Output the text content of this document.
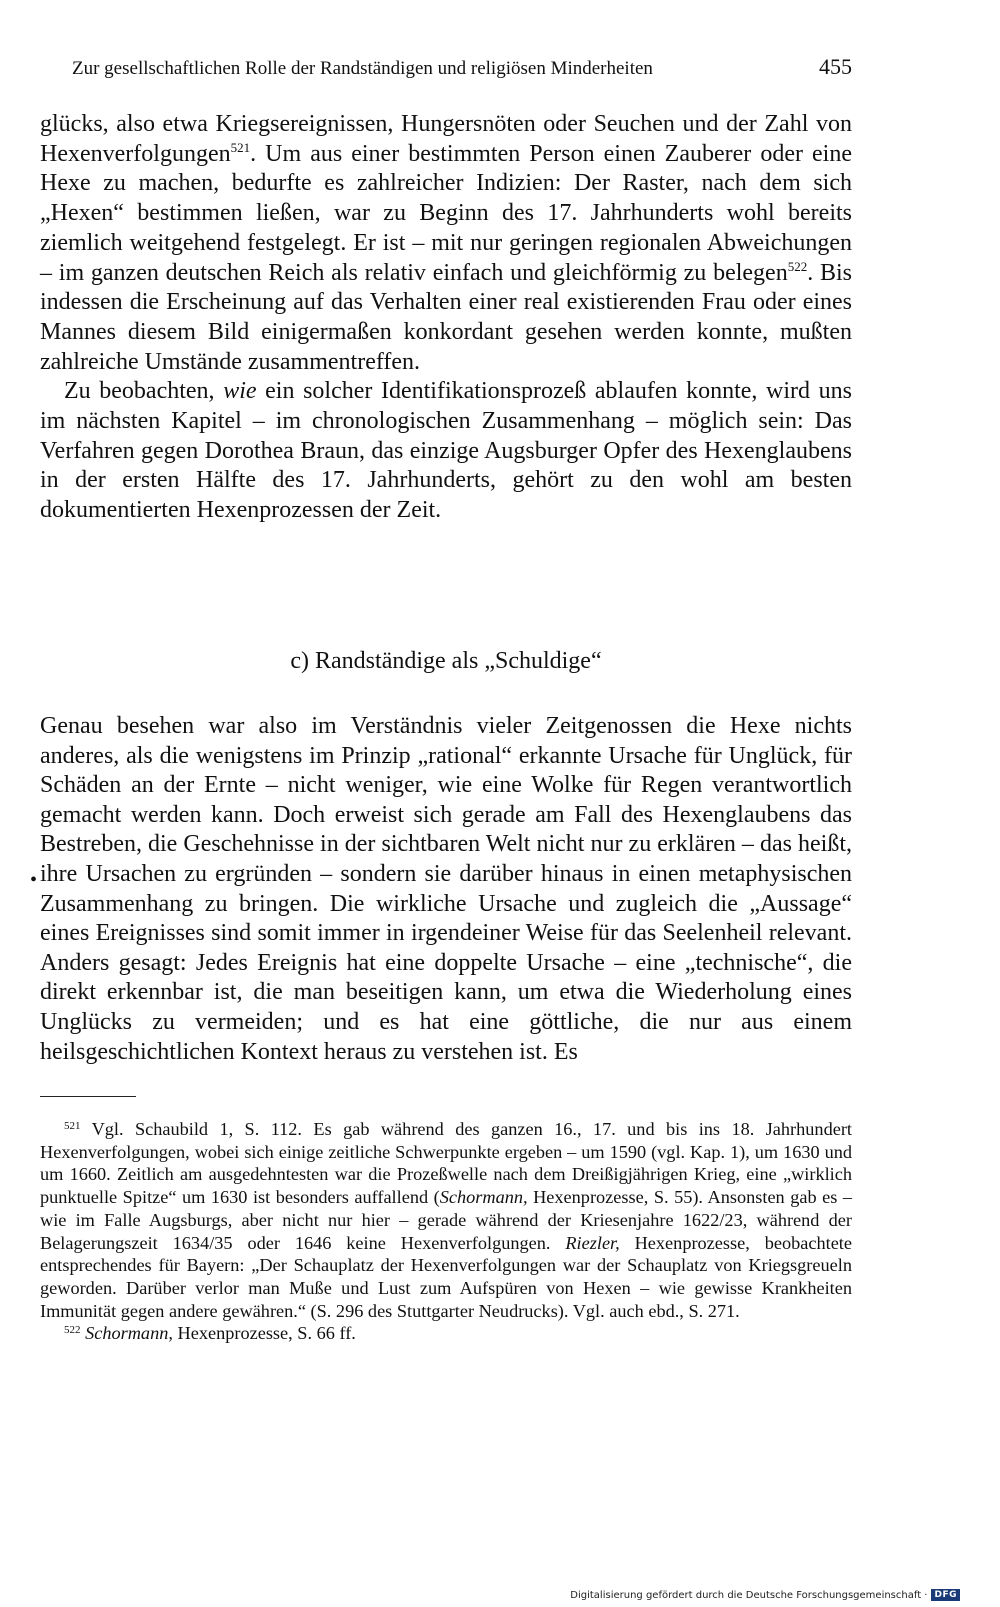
Zur gesellschaftlichen Rolle der Randständigen und religiösen Minderheiten	455

glücks, also etwa Kriegsereignissen, Hungersnöten oder Seuchen und der Zahl von Hexenverfolgungen$^{521}$. Um aus einer bestimmten Person einen Zauberer oder eine Hexe zu machen, bedurfte es zahlreicher Indizien: Der Raster, nach dem sich „Hexen“ bestimmen ließen, war zu Beginn des 17. Jahrhunderts wohl bereits ziemlich weitgehend festgelegt. Er ist – mit nur geringen regionalen Abweichungen – im ganzen deutschen Reich als relativ einfach und gleichförmig zu belegen$^{522}$. Bis indessen die Erscheinung auf das Verhalten einer real existierenden Frau oder eines Mannes diesem Bild einigermaßen konkordant gesehen werden konnte, mußten zahlreiche Umstände zusammentreffen.

Zu beobachten, wie ein solcher Identifikationsprozeß ablaufen konnte, wird uns im nächsten Kapitel – im chronologischen Zusammenhang – möglich sein: Das Verfahren gegen Dorothea Braun, das einzige Augsburger Opfer des Hexenglaubens in der ersten Hälfte des 17. Jahrhunderts, gehört zu den wohl am besten dokumentierten Hexenprozessen der Zeit.

c) Randständige als „Schuldige“
•

Genau besehen war also im Verständnis vieler Zeitgenossen die Hexe nichts anderes, als die wenigstens im Prinzip „rational“ erkannte Ursache für Unglück, für Schäden an der Ernte – nicht weniger, wie eine Wolke für Regen verantwortlich gemacht werden kann. Doch erweist sich gerade am Fall des Hexenglaubens das Bestreben, die Geschehnisse in der sichtbaren Welt nicht nur zu erklären – das heißt, ihre Ursachen zu ergründen – sondern sie darüber hinaus in einen metaphysischen Zusammenhang zu bringen. Die wirkliche Ursache und zugleich die „Aussage“ eines Ereignisses sind somit immer in irgendeiner Weise für das Seelenheil relevant. Anders gesagt: Jedes Ereignis hat eine doppelte Ursache – eine „technische“, die direkt erkennbar ist, die man beseitigen kann, um etwa die Wiederholung eines Unglücks zu vermeiden; und es hat eine göttliche, die nur aus einem heilsgeschichtlichen Kontext heraus zu verstehen ist. Es

$^{521}$ Vgl. Schaubild 1, S. 112. Es gab während des ganzen 16., 17. und bis ins 18. Jahrhundert Hexenverfolgungen, wobei sich einige zeitliche Schwerpunkte ergeben – um 1590 (vgl. Kap. 1), um 1630 und um 1660. Zeitlich am ausgedehntesten war die Prozeßwelle nach dem Dreißigjährigen Krieg, eine „wirklich punktuelle Spitze“ um 1630 ist besonders auffallend (Schormann, Hexenprozesse, S. 55). Ansonsten gab es – wie im Falle Augsburgs, aber nicht nur hier – gerade während der Kriesenjahre 1622/23, während der Belagerungszeit 1634/35 oder 1646 keine Hexenverfolgungen. Riezler, Hexenprozesse, beobachtete entsprechendes für Bayern: „Der Schauplatz der Hexenverfolgungen war der Schauplatz von Kriegsgreueln geworden. Darüber verlor man Muße und Lust zum Aufspüren von Hexen – wie gewisse Krankheiten Immunität gegen andere gewähren.“ (S. 296 des Stuttgarter Neudrucks). Vgl. auch ebd., S. 271.

$^{522}$ Schormann, Hexenprozesse, S. 66 ff.

Digitalisierung gefördert durch die Deutsche Forschungsgemeinschaft · DFG
